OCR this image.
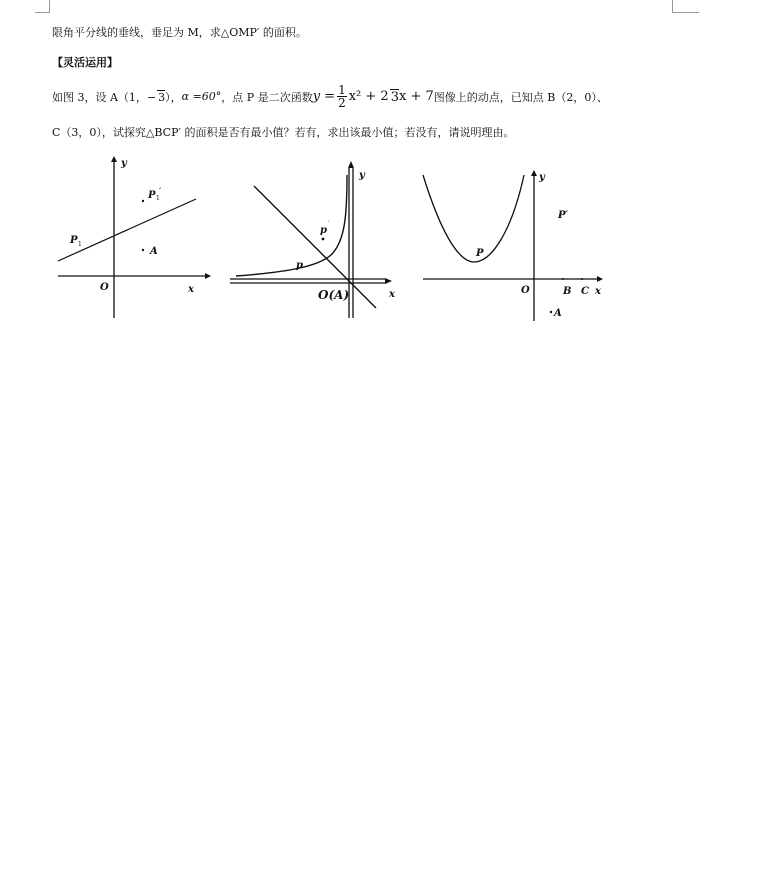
限角平分线的垂线，垂足为 M，求△OMP′ 的面积。
【灵活运用】
如图 3，设 A（1，− 3 ）， α =60° ，点 P 是二次函数 $y = \frac{1}{2} x^2 + 2$ 3 x + 7 图像上的动点，已知点 B（2，0）、
C（3，0），试探究△BCP′ 的面积是否有最小值？若有，求出该最小值；若没有，请说明理由。
y
x
O
P 1
P 1
′
A
y
x
p
p
′
O(A)
y
x
O	B C
P
P′
A
